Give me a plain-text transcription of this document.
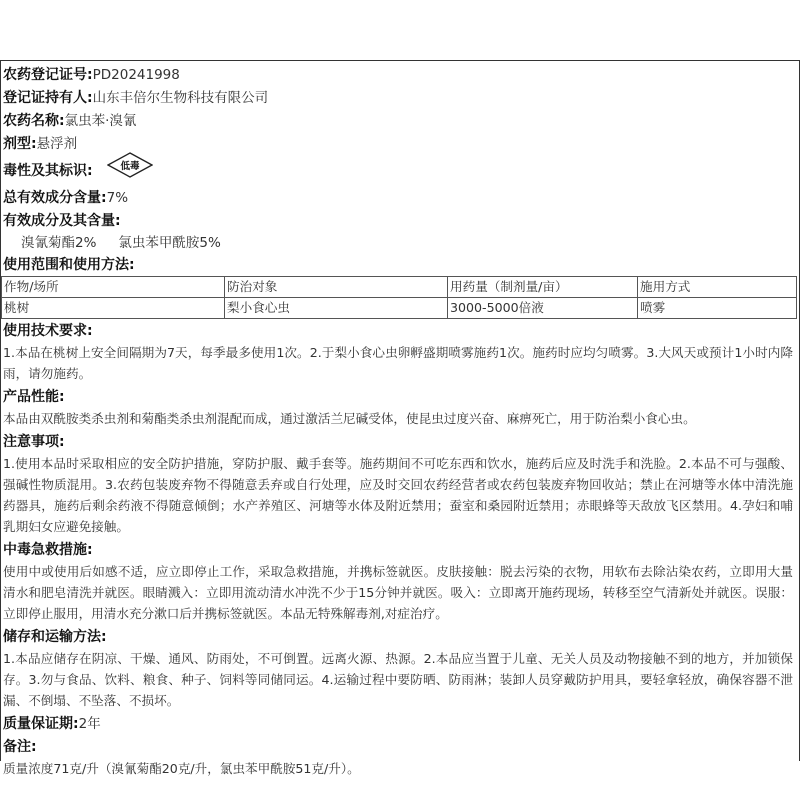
农药登记证号:PD20241998
登记证持有人:山东丰倍尔生物科技有限公司
农药名称:氯虫苯·溴氰
剂型:悬浮剂
毒性及其标识:	低毒
总有效成分含量:7%
有效成分及其含量:
溴氰菊酯2% 氯虫苯甲酰胺5%
使用范围和使用方法:
作物/场所	防治对象	用药量（制剂量/亩）	施用方式
桃树	梨小食心虫	3000-5000倍液	喷雾
使用技术要求:
1.本品在桃树上安全间隔期为7天，每季最多使用1次。2.于梨小食心虫卵孵盛期喷雾施药1次。施药时应均匀喷雾。3.大风天或预计1小时内降雨，请勿施药。
产品性能:
本品由双酰胺类杀虫剂和菊酯类杀虫剂混配而成，通过激活兰尼碱受体，使昆虫过度兴奋、麻痹死亡，用于防治梨小食心虫。
注意事项:
1.使用本品时采取相应的安全防护措施，穿防护服、戴手套等。施药期间不可吃东西和饮水，施药后应及时洗手和洗脸。2.本品不可与强酸、强碱性物质混用。3.农药包装废弃物不得随意丢弃或自行处理，应及时交回农药经营者或农药包装废弃物回收站；禁止在河塘等水体中清洗施药器具，施药后剩余药液不得随意倾倒；水产养殖区、河塘等水体及附近禁用；蚕室和桑园附近禁用；赤眼蜂等天敌放飞区禁用。4.孕妇和哺乳期妇女应避免接触。
中毒急救措施:
使用中或使用后如感不适，应立即停止工作，采取急救措施，并携标签就医。皮肤接触：脱去污染的衣物，用软布去除沾染农药，立即用大量清水和肥皂清洗并就医。眼睛溅入：立即用流动清水冲洗不少于15分钟并就医。吸入：立即离开施药现场，转移至空气清新处并就医。误服：立即停止服用，用清水充分漱口后并携标签就医。本品无特殊解毒剂,对症治疗。
储存和运输方法:
1.本品应储存在阴凉、干燥、通风、防雨处，不可倒置。远离火源、热源。2.本品应当置于儿童、无关人员及动物接触不到的地方，并加锁保存。3.勿与食品、饮料、粮食、种子、饲料等同储同运。4.运输过程中要防晒、防雨淋；装卸人员穿戴防护用具，要轻拿轻放，确保容器不泄漏、不倒塌、不坠落、不损坏。
质量保证期:2年
备注:
质量浓度71克/升（溴氰菊酯20克/升，氯虫苯甲酰胺51克/升）。
